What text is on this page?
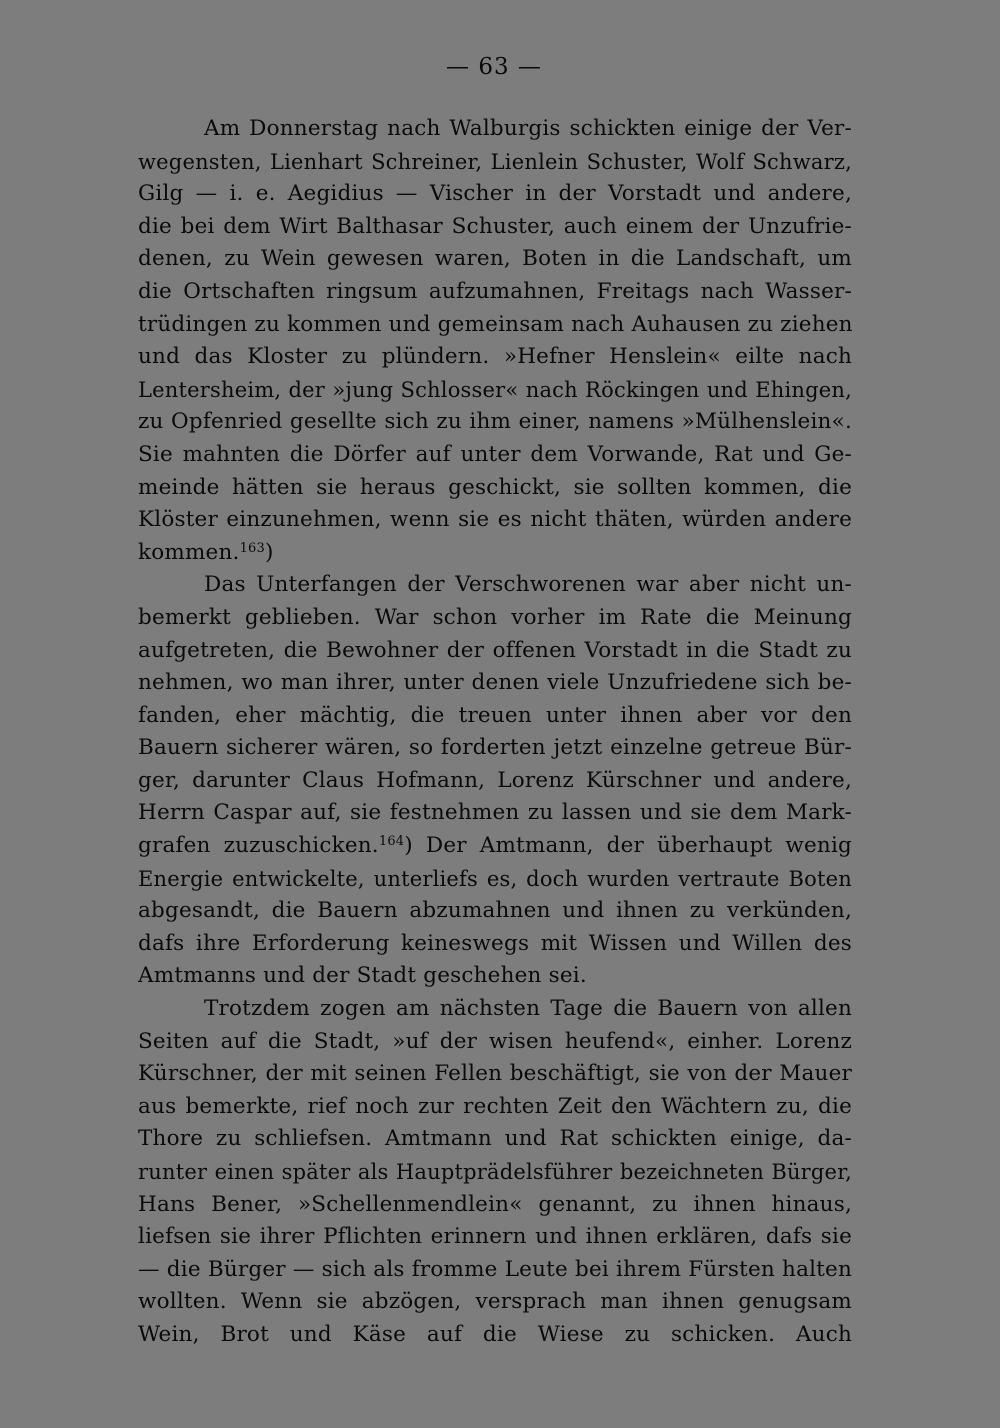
— 63 —
Am Donnerstag nach Walburgis schickten einige der Ver-
wegensten, Lienhart Schreiner, Lienlein Schuster, Wolf Schwarz,
Gilg — i. e. Aegidius — Vischer in der Vorstadt und andere,
die bei dem Wirt Balthasar Schuster, auch einem der Unzufrie-
denen, zu Wein gewesen waren, Boten in die Landschaft, um
die Ortschaften ringsum aufzumahnen, Freitags nach Wasser-
trüdingen zu kommen und gemeinsam nach Auhausen zu ziehen
und das Kloster zu plündern. »Hefner Henslein« eilte nach
Lentersheim, der »jung Schlosser« nach Röckingen und Ehingen,
zu Opfenried gesellte sich zu ihm einer, namens »Mülhenslein«.
Sie mahnten die Dörfer auf unter dem Vorwande, Rat und Ge-
meinde hätten sie heraus geschickt, sie sollten kommen, die
Klöster einzunehmen, wenn sie es nicht thäten, würden andere
kommen.$^{163}$)
Das Unterfangen der Verschworenen war aber nicht un-
bemerkt geblieben. War schon vorher im Rate die Meinung
aufgetreten, die Bewohner der offenen Vorstadt in die Stadt zu
nehmen, wo man ihrer, unter denen viele Unzufriedene sich be-
fanden, eher mächtig, die treuen unter ihnen aber vor den
Bauern sicherer wären, so forderten jetzt einzelne getreue Bür-
ger, darunter Claus Hofmann, Lorenz Kürschner und andere,
Herrn Caspar auf, sie festnehmen zu lassen und sie dem Mark-
grafen zuzuschicken.$^{164}$) Der Amtmann, der überhaupt wenig
Energie entwickelte, unterliefs es, doch wurden vertraute Boten
abgesandt, die Bauern abzumahnen und ihnen zu verkünden,
dafs ihre Erforderung keineswegs mit Wissen und Willen des
Amtmanns und der Stadt geschehen sei.
Trotzdem zogen am nächsten Tage die Bauern von allen
Seiten auf die Stadt, »uf der wisen heufend«, einher. Lorenz
Kürschner, der mit seinen Fellen beschäftigt, sie von der Mauer
aus bemerkte, rief noch zur rechten Zeit den Wächtern zu, die
Thore zu schliefsen. Amtmann und Rat schickten einige, da-
runter einen später als Hauptprädelsführer bezeichneten Bürger,
Hans Bener, »Schellenmendlein« genannt, zu ihnen hinaus,
liefsen sie ihrer Pflichten erinnern und ihnen erklären, dafs sie
— die Bürger — sich als fromme Leute bei ihrem Fürsten halten
wollten. Wenn sie abzögen, versprach man ihnen genugsam
Wein, Brot und Käse auf die Wiese zu schicken. Auch
